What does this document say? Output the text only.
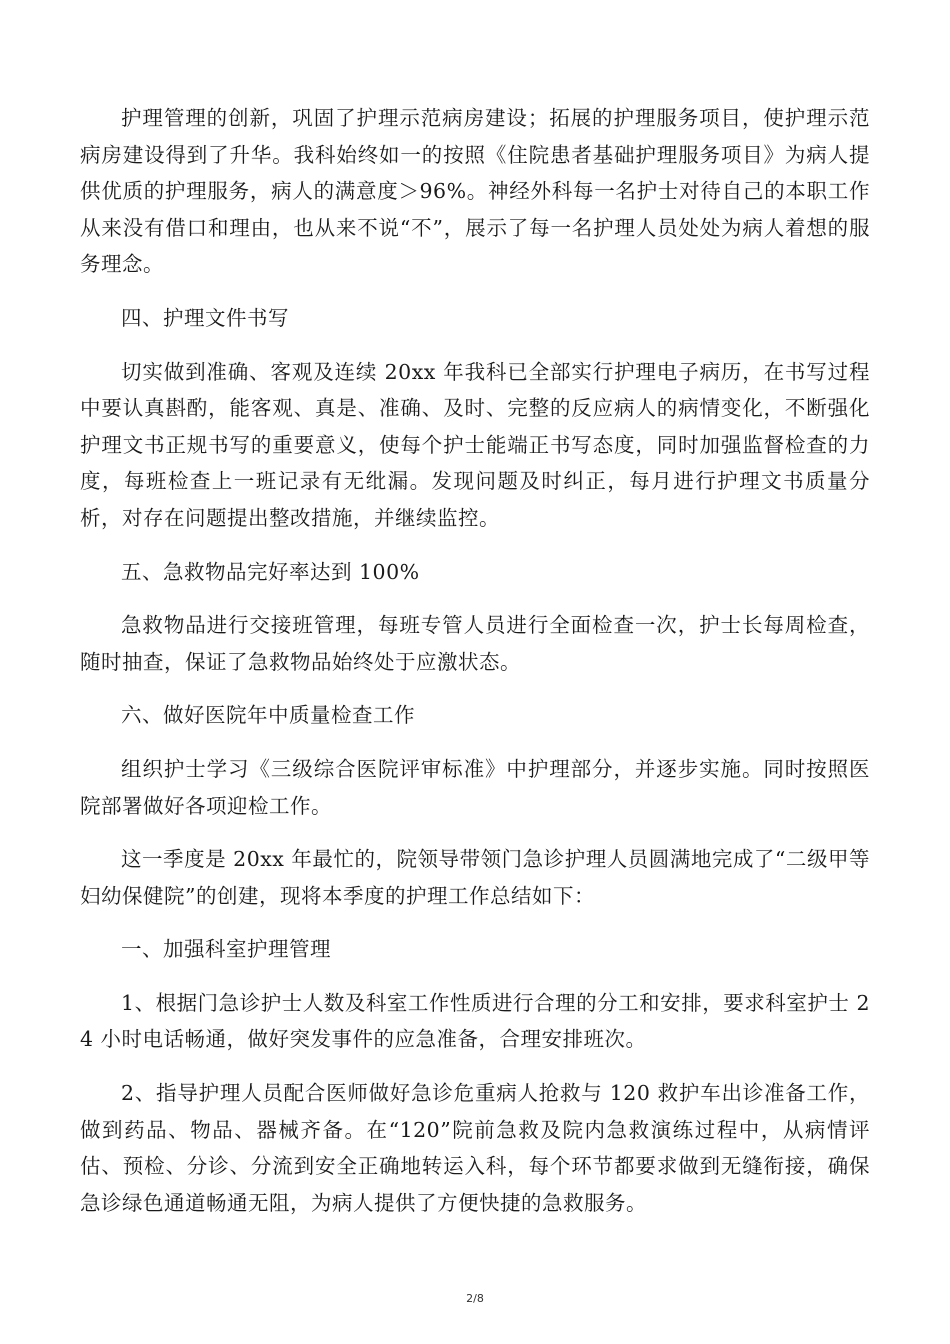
护理管理的创新，巩固了护理示范病房建设；拓展的护理服务项目，使护理示范病房建设得到了升华。我科始终如一的按照《住院患者基础护理服务项目》为病人提供优质的护理服务，病人的满意度＞96%。神经外科每一名护士对待自己的本职工作从来没有借口和理由，也从来不说“不”，展示了每一名护理人员处处为病人着想的服务理念。

四、护理文件书写

切实做到准确、客观及连续 20xx 年我科已全部实行护理电子病历，在书写过程中要认真斟酌，能客观、真是、准确、及时、完整的反应病人的病情变化，不断强化护理文书正规书写的重要意义，使每个护士能端正书写态度，同时加强监督检查的力度，每班检查上一班记录有无纰漏。发现问题及时纠正，每月进行护理文书质量分析，对存在问题提出整改措施，并继续监控。

五、急救物品完好率达到 100%

急救物品进行交接班管理，每班专管人员进行全面检查一次，护士长每周检查，随时抽查，保证了急救物品始终处于应激状态。

六、做好医院年中质量检查工作

组织护士学习《三级综合医院评审标准》中护理部分，并逐步实施。同时按照医院部署做好各项迎检工作。

这一季度是 20xx 年最忙的，院领导带领门急诊护理人员圆满地完成了“二级甲等妇幼保健院”的创建，现将本季度的护理工作总结如下：

一、加强科室护理管理

1、根据门急诊护士人数及科室工作性质进行合理的分工和安排，要求科室护士 24 小时电话畅通，做好突发事件的应急准备，合理安排班次。

2、指导护理人员配合医师做好急诊危重病人抢救与 120 救护车出诊准备工作，做到药品、物品、器械齐备。在“120”院前急救及院内急救演练过程中，从病情评估、预检、分诊、分流到安全正确地转运入科，每个环节都要求做到无缝衔接，确保急诊绿色通道畅通无阻，为病人提供了方便快捷的急救服务。

2/8
